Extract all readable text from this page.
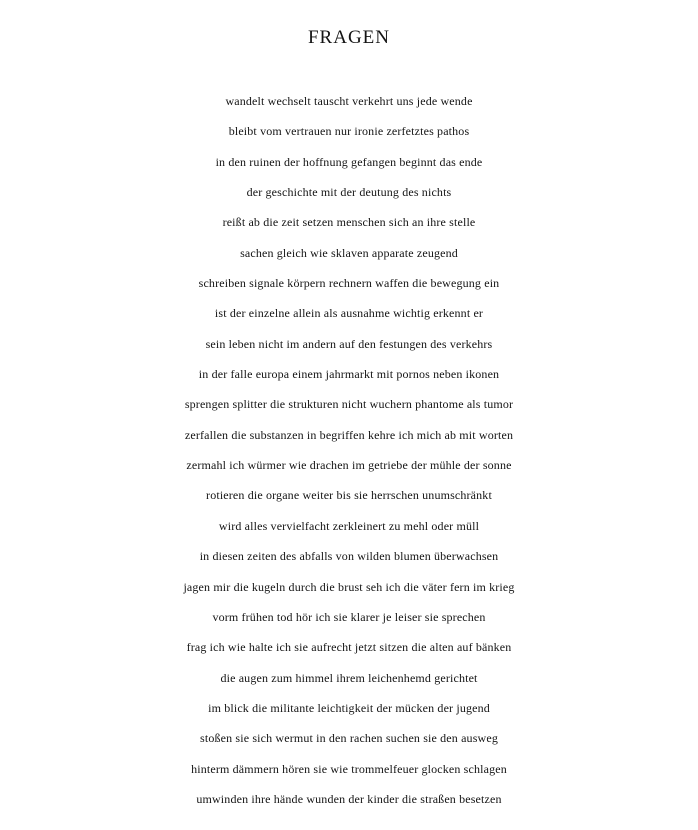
FRAGEN
wandelt wechselt tauscht verkehrt uns jede wende
bleibt vom vertrauen nur ironie zerfetztes pathos
in den ruinen der hoffnung gefangen beginnt das ende
der geschichte mit der deutung des nichts
reißt ab die zeit setzen menschen sich an ihre stelle
sachen gleich wie sklaven apparate zeugend
schreiben signale körpern rechnern waffen die bewegung ein
ist der einzelne allein als ausnahme wichtig erkennt er
sein leben nicht im andern auf den festungen des verkehrs
in der falle europa einem jahrmarkt mit pornos neben ikonen
sprengen splitter die strukturen nicht wuchern phantome als tumor
zerfallen die substanzen in begriffen kehre ich mich ab mit worten
zermahl ich würmer wie drachen im getriebe der mühle der sonne
rotieren die organe weiter bis sie herrschen unumschränkt
wird alles vervielfacht zerkleinert zu mehl oder müll
in diesen zeiten des abfalls von wilden blumen überwachsen
jagen mir die kugeln durch die brust seh ich die väter fern im krieg
vorm frühen tod hör ich sie klarer je leiser sie sprechen
frag ich wie halte ich sie aufrecht jetzt sitzen die alten auf bänken
die augen zum himmel ihrem leichenhemd gerichtet
im blick die militante leichtigkeit der mücken der jugend
stoßen sie sich wermut in den rachen suchen sie den ausweg
hinterm dämmern hören sie wie trommelfeuer glocken schlagen
umwinden ihre hände wunden der kinder die straßen besetzen
